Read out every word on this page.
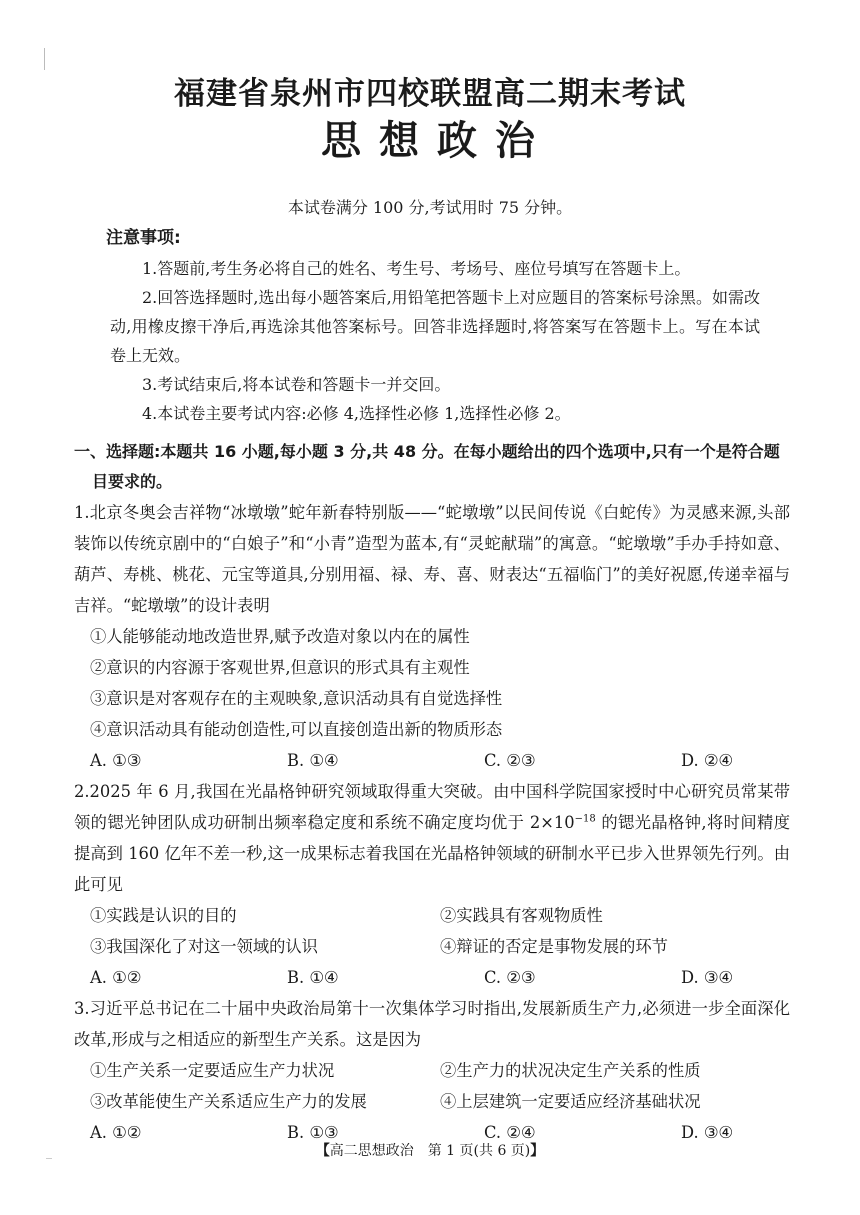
福建省泉州市四校联盟高二期末考试
思想政治
本试卷满分 100 分,考试用时 75 分钟。
注意事项:

1.答题前,考生务必将自己的姓名、考生号、考场号、座位号填写在答题卡上。

2.回答选择题时,选出每小题答案后,用铅笔把答题卡上对应题目的答案标号涂黑。如需改动,用橡皮擦干净后,再选涂其他答案标号。回答非选择题时,将答案写在答题卡上。写在本试卷上无效。

3.考试结束后,将本试卷和答题卡一并交回。

4.本试卷主要考试内容:必修 4,选择性必修 1,选择性必修 2。

一、选择题:本题共 16 小题,每小题 3 分,共 48 分。在每小题给出的四个选项中,只有一个是符合题目要求的。

1.北京冬奥会吉祥物“冰墩墩”蛇年新春特别版——“蛇墩墩”以民间传说《白蛇传》为灵感来源,头部装饰以传统京剧中的“白娘子”和“小青”造型为蓝本,有“灵蛇献瑞”的寓意。“蛇墩墩”手办手持如意、葫芦、寿桃、桃花、元宝等道具,分别用福、禄、寿、喜、财表达“五福临门”的美好祝愿,传递幸福与吉祥。“蛇墩墩”的设计表明

①人能够能动地改造世界,赋予改造对象以内在的属性

②意识的内容源于客观世界,但意识的形式具有主观性

③意识是对客观存在的主观映象,意识活动具有自觉选择性

④意识活动具有能动创造性,可以直接创造出新的物质形态

A. ①③	B. ①④	C. ②③	D. ②④

2.2025 年 6 月,我国在光晶格钟研究领域取得重大突破。由中国科学院国家授时中心研究员常某带领的锶光钟团队成功研制出频率稳定度和系统不确定度均优于 $2\times 10^{-18}$ 的锶光晶格钟,将时间精度提高到 160 亿年不差一秒,这一成果标志着我国在光晶格钟领域的研制水平已步入世界领先行列。由此可见

①实践是认识的目的	②实践具有客观物质性
③我国深化了对这一领域的认识	④辩证的否定是事物发展的环节
A. ①②	B. ①④	C. ②③	D. ③④

3.习近平总书记在二十届中央政治局第十一次集体学习时指出,发展新质生产力,必须进一步全面深化改革,形成与之相适应的新型生产关系。这是因为

①生产关系一定要适应生产力状况	②生产力的状况决定生产关系的性质
③改革能使生产关系适应生产力的发展	④上层建筑一定要适应经济基础状况
A. ①②	B. ①③	C. ②④	D. ③④
【高二思想政治　第 1 页(共 6 页)】
